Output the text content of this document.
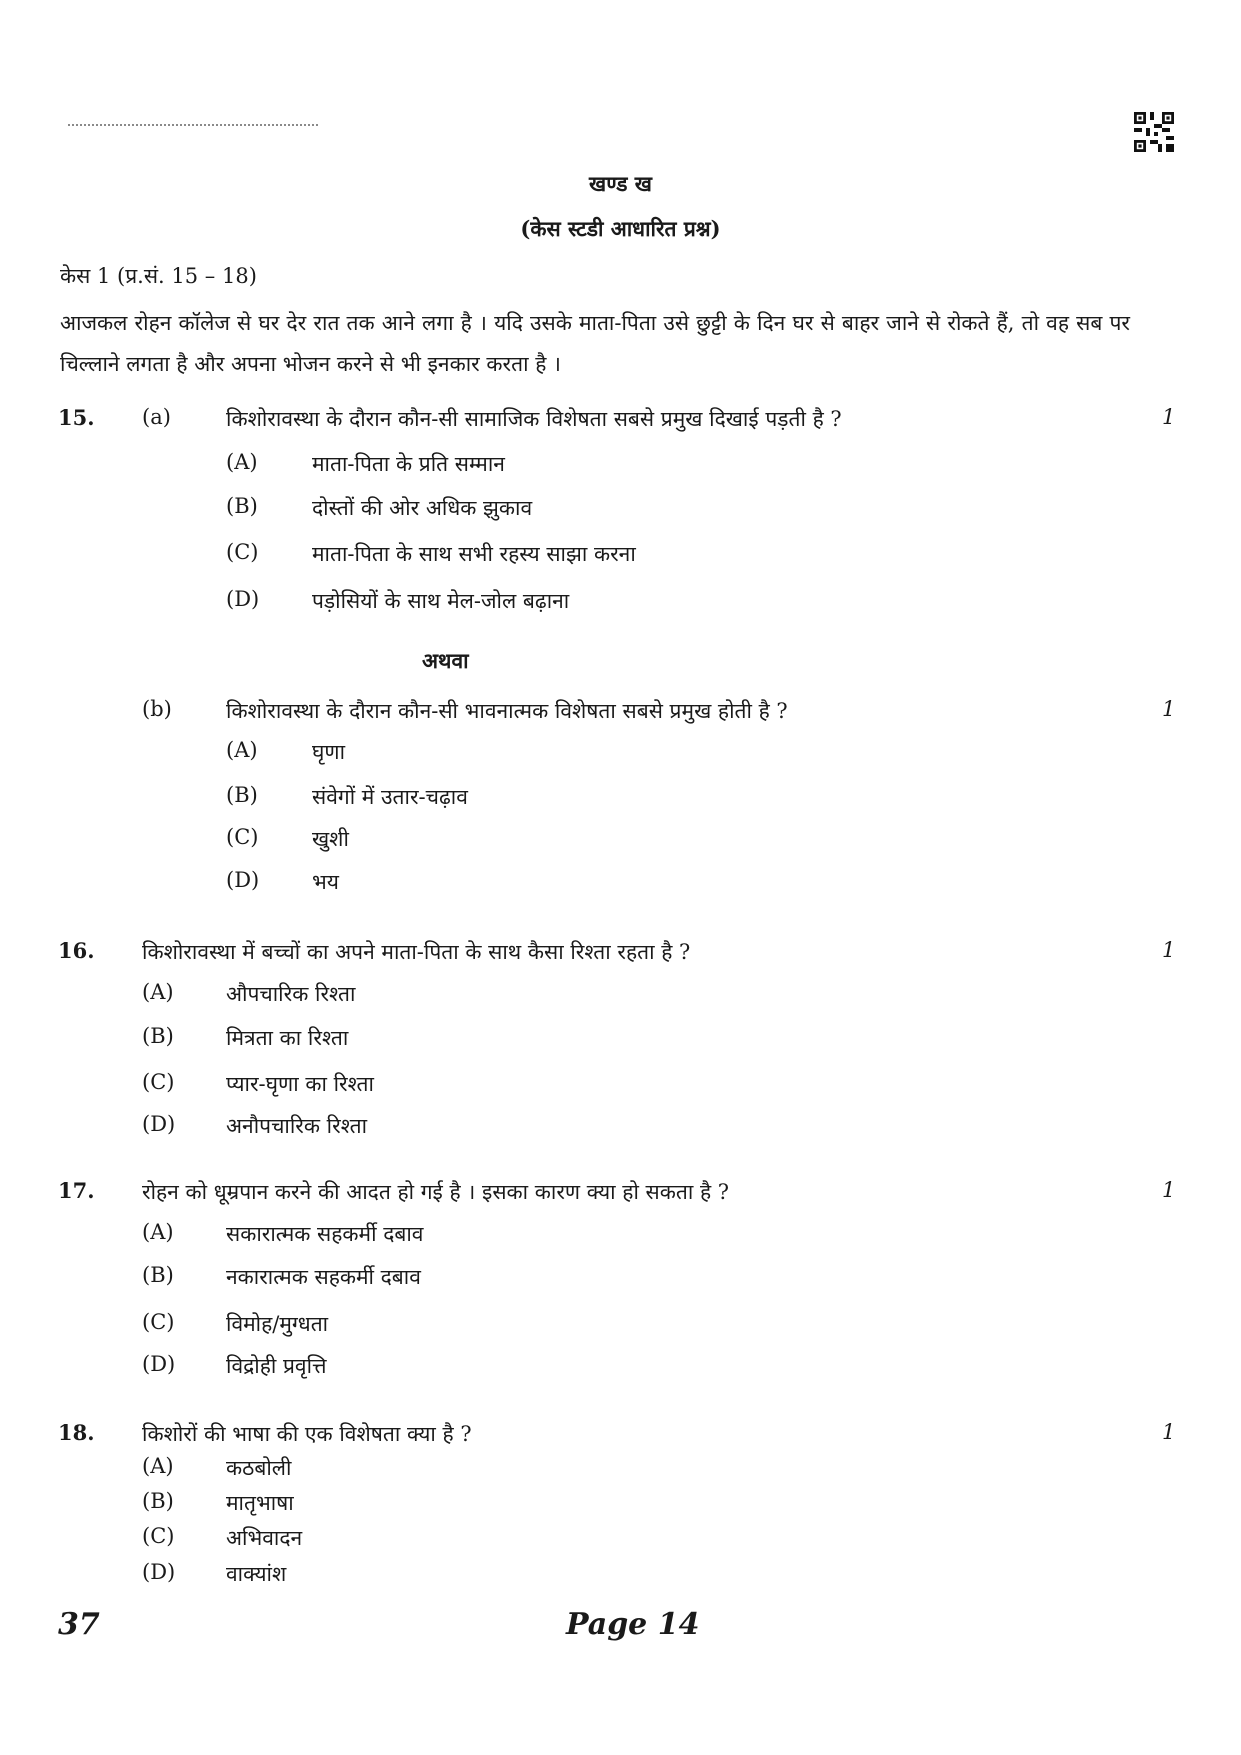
खण्ड ख
(केस स्टडी आधारित प्रश्न)
केस 1 (प्र.सं. 15 – 18)
आजकल रोहन कॉलेज से घर देर रात तक आने लगा है । यदि उसके माता-पिता उसे छुट्टी के दिन घर से बाहर जाने से रोकते हैं, तो वह सब पर चिल्लाने लगता है और अपना भोजन करने से भी इनकार करता है ।
15. (a)	किशोरावस्था के दौरान कौन-सी सामाजिक विशेषता सबसे प्रमुख दिखाई पड़ती है ?	1
(A)	माता-पिता के प्रति सम्मान
(B)	दोस्तों की ओर अधिक झुकाव
(C)	माता-पिता के साथ सभी रहस्य साझा करना
(D)	पड़ोसियों के साथ मेल-जोल बढ़ाना
अथवा
(b)	किशोरावस्था के दौरान कौन-सी भावनात्मक विशेषता सबसे प्रमुख होती है ?	1
(A)	घृणा
(B)	संवेगों में उतार-चढ़ाव
(C)	खुशी
(D)	भय
16. किशोरावस्था में बच्चों का अपने माता-पिता के साथ कैसा रिश्ता रहता है ?	1
(A) औपचारिक रिश्ता
(B) मित्रता का रिश्ता
(C) प्यार-घृणा का रिश्ता
(D) अनौपचारिक रिश्ता
17. रोहन को धूम्रपान करने की आदत हो गई है । इसका कारण क्या हो सकता है ?	1
(A) सकारात्मक सहकर्मी दबाव
(B) नकारात्मक सहकर्मी दबाव
(C) विमोह/मुग्धता
(D) विद्रोही प्रवृत्ति
18. किशोरों की भाषा की एक विशेषता क्या है ?	1
(A) कठबोली
(B) मातृभाषा
(C) अभिवादन
(D) वाक्यांश
37	Page 14
